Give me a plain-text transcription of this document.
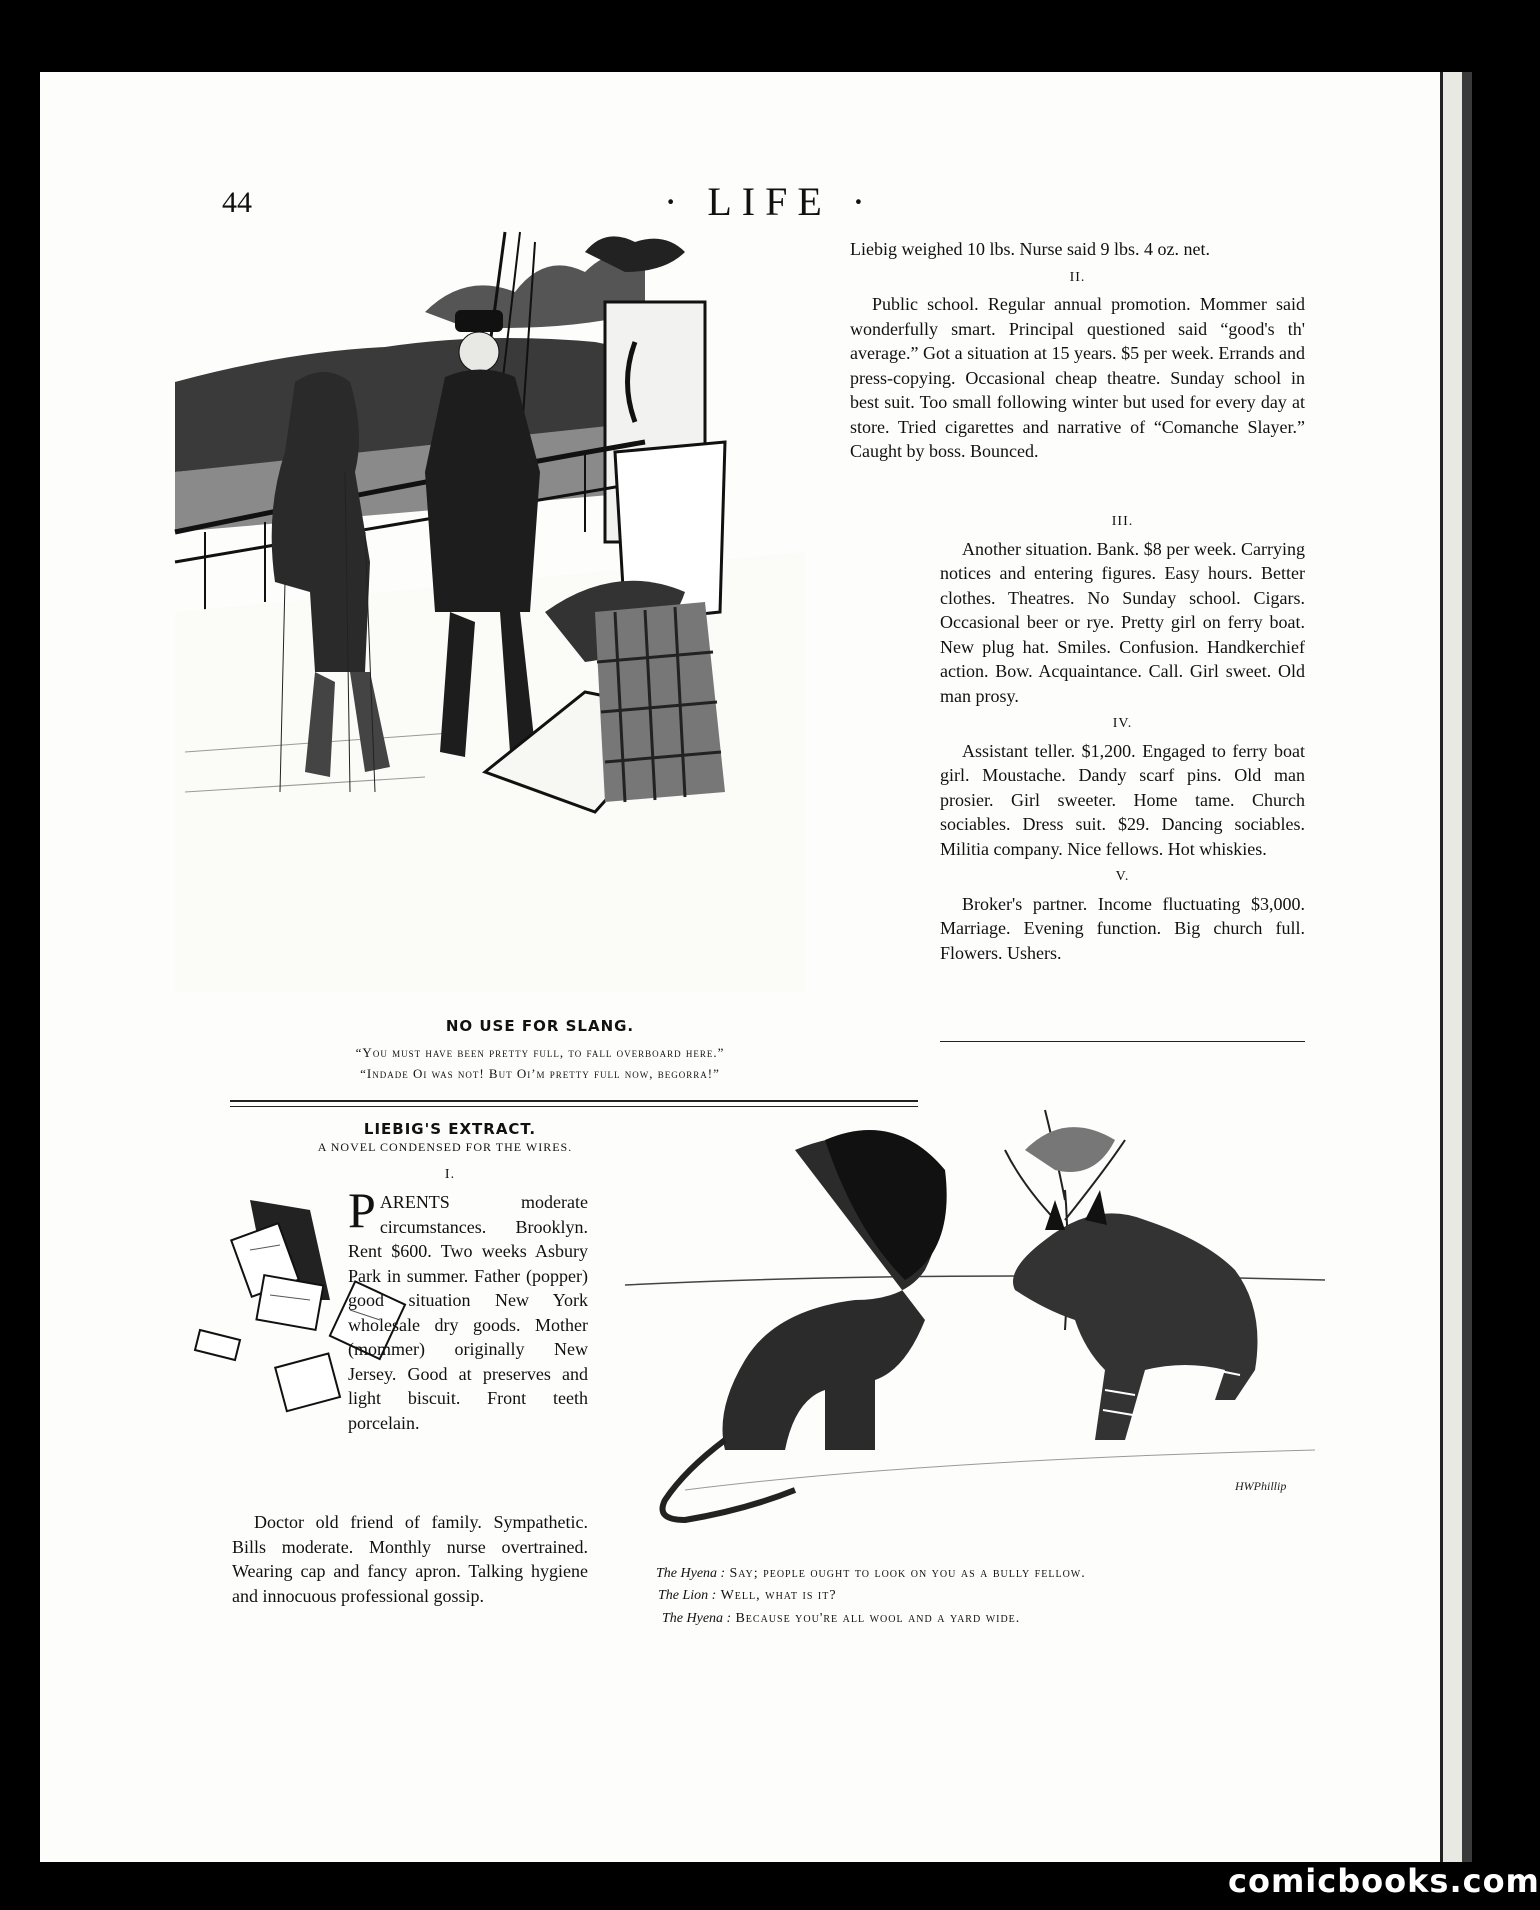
44	· LIFE ·
NO USE FOR SLANG.
“You must have been pretty full, to fall overboard here.”
“Indade Oi was not! But Oi’m pretty full now, begorra!”
Liebig weighed 10 lbs. Nurse said 9 lbs. 4 oz. net.
II.

Public school. Regular annual promotion. Mommer said wonderfully smart. Principal questioned said “good's th' average.” Got a situation at 15 years. $5 per week. Errands and press-copying. Occasional cheap theatre. Sunday school in best suit. Too small following winter but used for every day at store. Tried cigarettes and narrative of “Comanche Slayer.” Caught by boss. Bounced.

III.

Another situation. Bank. $8 per week. Carrying notices and entering figures. Easy hours. Better clothes. Theatres. No Sunday school. Cigars. Occasional beer or rye. Pretty girl on ferry boat. New plug hat. Smiles. Confusion. Handkerchief action. Bow. Acquaintance. Call. Girl sweet. Old man prosy.

IV.

Assistant teller. $1,200. Engaged to ferry boat girl. Moustache. Dandy scarf pins. Old man prosier. Girl sweeter. Home tame. Church sociables. Dress suit. $29. Dancing sociables. Militia company. Nice fellows. Hot whiskies.

V.

Broker's partner. Income fluctuating $3,000. Marriage. Evening function. Big church full. Flowers. Ushers.

LIEBIG'S EXTRACT.
A NOVEL CONDENSED FOR THE WIRES.
I.
P ARENTS moderate circumstances. Brooklyn. Rent $600. Two weeks Asbury Park in summer. Father (popper) good situation New York wholesale dry goods. Mother (mommer) originally New Jersey. Good at preserves and light biscuit. Front teeth porcelain.

Doctor old friend of family. Sympathetic. Bills moderate. Monthly nurse overtrained. Wearing cap and fancy apron. Talking hygiene and innocuous professional gossip.

HWPhillip
The Hyena : Say; people ought to look on you as a bully fellow.
The Lion : Well, what is it?
The Hyena : Because you're all wool and a yard wide.
comicbooks.com
